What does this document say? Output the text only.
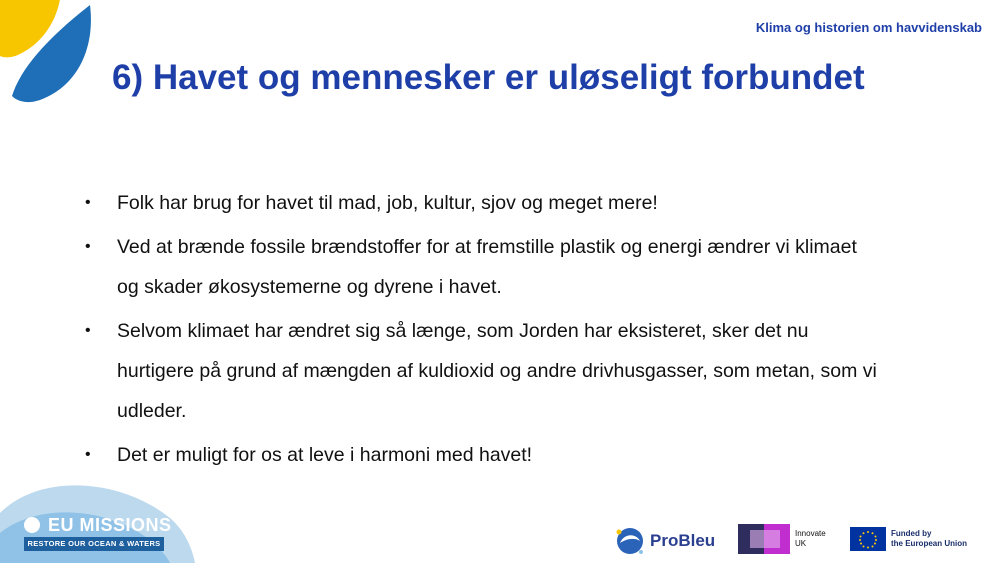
Klima og historien om havvidenskab
6) Havet og mennesker er uløseligt forbundet
• Folk har brug for havet til mad, job, kultur, sjov og meget mere!
• Ved at brænde fossile brændstoffer for at fremstille plastik og energi ændrer vi klimaet og skader økosystemerne og dyrene i havet.
• Selvom klimaet har ændret sig så længe, som Jorden har eksisteret, sker det nu hurtigere på grund af mængden af kuldioxid og andre drivhusgasser, som metan, som vi udleder.
• Det er muligt for os at leve i harmoni med havet!
EU MISSIONS
RESTORE OUR OCEAN & WATERS	ProBleu	Innovate
UK
Funded by
the European Union
